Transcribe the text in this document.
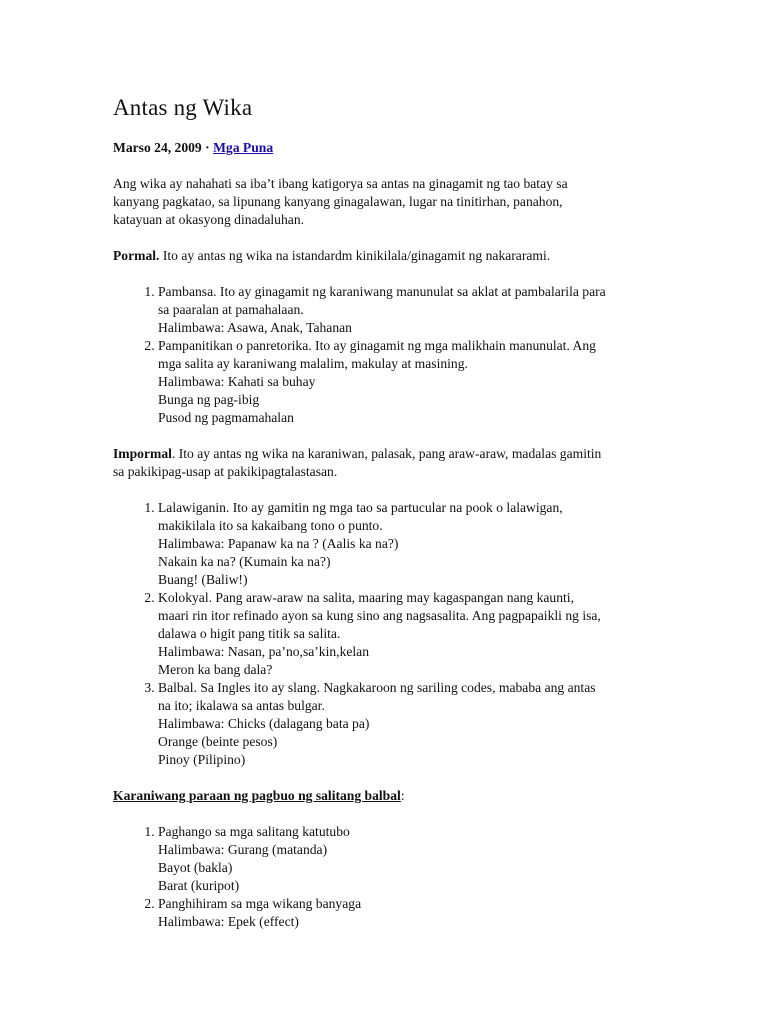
Antas ng Wika
Marso 24, 2009 · Mga Puna

Ang wika ay nahahati sa iba’t ibang katigorya sa antas na ginagamit ng tao batay sa
kanyang pagkatao, sa lipunang kanyang ginagalawan, lugar na tinitirhan, panahon,
katayuan at okasyong dinadaluhan.

Pormal. Ito ay antas ng wika na istandardm kinikilala/ginagamit ng nakararami.

1. Pambansa. Ito ay ginagamit ng karaniwang manunulat sa aklat at pambalarila para
sa paaralan at pamahalaan.
Halimbawa: Asawa, Anak, Tahanan
2. Pampanitikan o panretorika. Ito ay ginagamit ng mga malikhain manunulat. Ang
mga salita ay karaniwang malalim, makulay at masining.
Halimbawa: Kahati sa buhay
Bunga ng pag-ibig
Pusod ng pagmamahalan

Impormal. Ito ay antas ng wika na karaniwan, palasak, pang araw-araw, madalas gamitin
sa pakikipag-usap at pakikipagtalastasan.

1. Lalawiganin. Ito ay gamitin ng mga tao sa partucular na pook o lalawigan,
makikilala ito sa kakaibang tono o punto.
Halimbawa: Papanaw ka na ? (Aalis ka na?)
Nakain ka na? (Kumain ka na?)
Buang! (Baliw!)
2. Kolokyal. Pang araw-araw na salita, maaring may kagaspangan nang kaunti,
maari rin itor refinado ayon sa kung sino ang nagsasalita. Ang pagpapaikli ng isa,
dalawa o higit pang titik sa salita.
Halimbawa: Nasan, pa’no,sa’kin,kelan
Meron ka bang dala?
3. Balbal. Sa Ingles ito ay slang. Nagkakaroon ng sariling codes, mababa ang antas
na ito; ikalawa sa antas bulgar.
Halimbawa: Chicks (dalagang bata pa)
Orange (beinte pesos)
Pinoy (Pilipino)

Karaniwang paraan ng pagbuo ng salitang balbal:

1. Paghango sa mga salitang katutubo
Halimbawa: Gurang (matanda)
Bayot (bakla)
Barat (kuripot)
2. Panghihiram sa mga wikang banyaga
Halimbawa: Epek (effect)
